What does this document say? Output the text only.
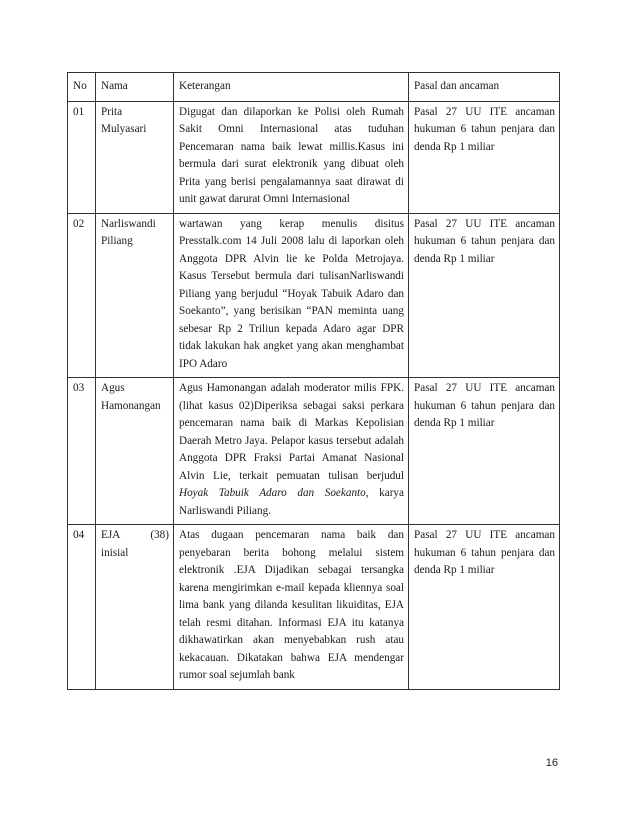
No	Nama	Keterangan	Pasal dan ancaman
01	Prita Mulyasari	Digugat dan dilaporkan ke Polisi oleh Rumah Sakit Omni Internasional atas tuduhan Pencemaran nama baik lewat millis.Kasus ini bermula dari surat elektronik yang dibuat oleh Prita yang berisi pengalamannya saat dirawat di unit gawat darurat Omni Internasional	Pasal 27 UU ITE ancaman hukuman 6 tahun penjara dan denda Rp 1 miliar
02	Narliswandi Piliang	wartawan yang kerap menulis disitus Presstalk.com 14 Juli 2008 lalu di laporkan oleh Anggota DPR Alvin lie ke Polda Metrojaya. Kasus Tersebut bermula dari tulisanNarliswandi Piliang yang berjudul “Hoyak Tabuik Adaro dan Soekanto”, yang berisikan “PAN meminta uang sebesar Rp 2 Triliun kepada Adaro agar DPR tidak lakukan hak angket yang akan menghambat IPO Adaro	Pasal 27 UU ITE ancaman hukuman 6 tahun penjara dan denda Rp 1 miliar
03	Agus Hamonangan	Agus Hamonangan adalah moderator milis FPK. (lihat kasus 02)Diperiksa sebagai saksi perkara pencemaran nama baik di Markas Kepolisian Daerah Metro Jaya. Pelapor kasus tersebut adalah Anggota DPR Fraksi Partai Amanat Nasional Alvin Lie, terkait pemuatan tulisan berjudul Hoyak Tabuik Adaro dan Soekanto, karya Narliswandi Piliang.	Pasal 27 UU ITE ancaman hukuman 6 tahun penjara dan denda Rp 1 miliar
04	EJA (38) inisial	Atas dugaan pencemaran nama baik dan penyebaran berita bohong melalui sistem elektronik .EJA Dijadikan sebagai tersangka karena mengirimkan e-mail kepada kliennya soal lima bank yang dilanda kesulitan likuiditas, EJA telah resmi ditahan. Informasi EJA itu katanya dikhawatirkan akan menyebabkan rush atau kekacauan. Dikatakan bahwa EJA mendengar rumor soal sejumlah bank	Pasal 27 UU ITE ancaman hukuman 6 tahun penjara dan denda Rp 1 miliar
16
